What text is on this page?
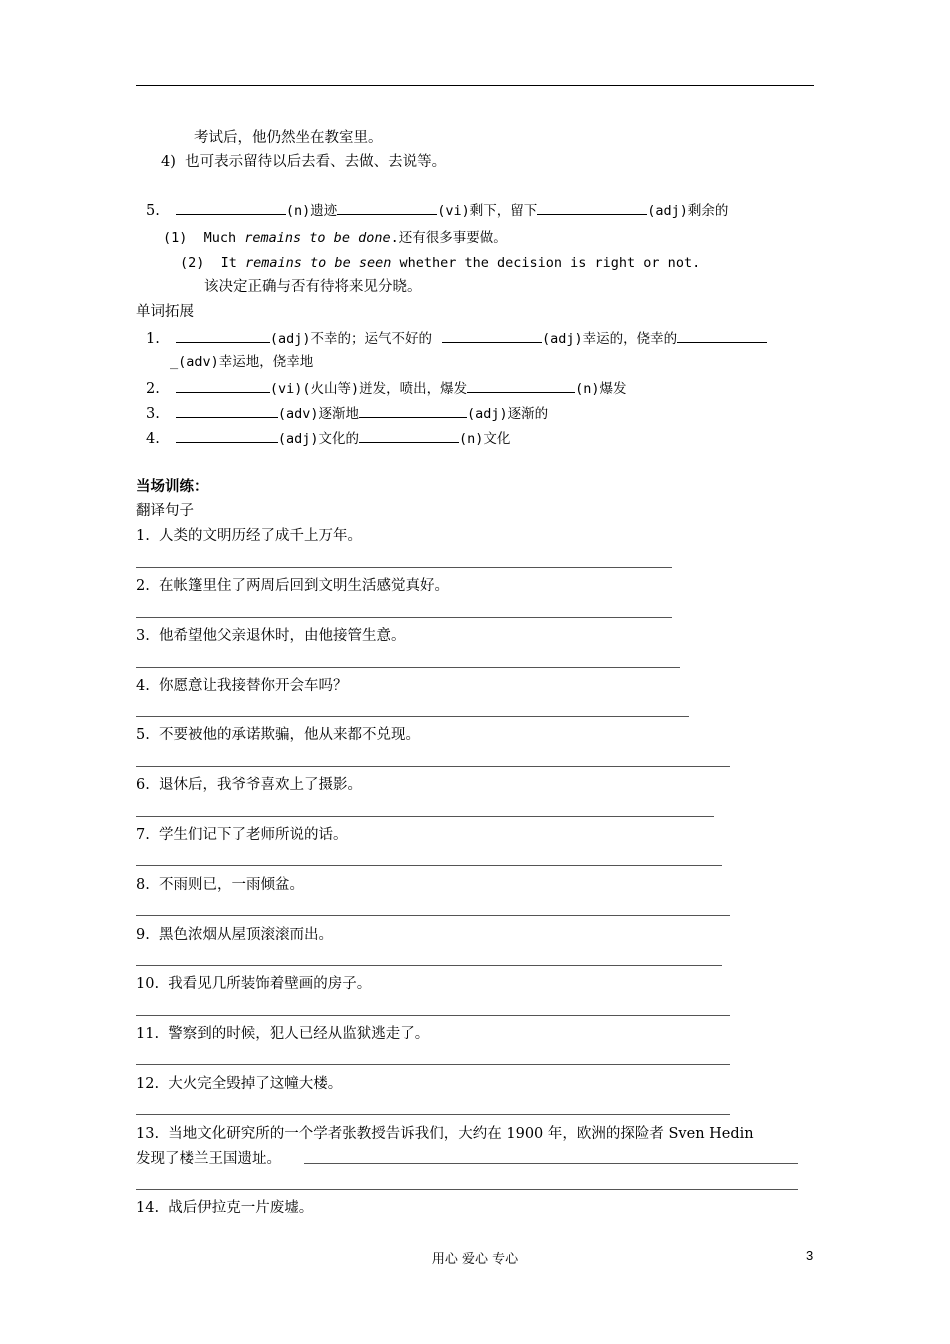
考试后，他仍然坐在教室里。
4)  也可表示留待以后去看、去做、去说等。
5.	(n)遗迹	(vi)剩下，留下	(adj)剩余的
(1)  Much remains to be done.还有很多事要做。
(2)  It remains to be seen whether the decision is right or not.
该决定正确与否有待将来见分晓。
单词拓展
1.	(adj)不幸的；运气不好的	(adj)幸运的，侥幸的
_(adv)幸运地，侥幸地
2.	(vi)(火山等)迸发，喷出，爆发	(n)爆发
3.	(adv)逐渐地	(adj)逐渐的
4.	(adj)文化的	(n)文化
当场训练：
翻译句子
1.  人类的文明历经了成千上万年。
2.  在帐篷里住了两周后回到文明生活感觉真好。
3.  他希望他父亲退休时，由他接管生意。
4.  你愿意让我接替你开会车吗？
5.  不要被他的承诺欺骗，他从来都不兑现。
6.  退休后，我爷爷喜欢上了摄影。
7.  学生们记下了老师所说的话。
8.  不雨则已，一雨倾盆。
9.  黑色浓烟从屋顶滚滚而出。
10.  我看见几所装饰着壁画的房子。
11.  警察到的时候，犯人已经从监狱逃走了。
12.  大火完全毁掉了这幢大楼。
13.  当地文化研究所的一个学者张教授告诉我们，大约在 1900 年，欧洲的探险者 Sven Hedin
发现了楼兰王国遗址。
14.  战后伊拉克一片废墟。
用心 爱心 专心	3
